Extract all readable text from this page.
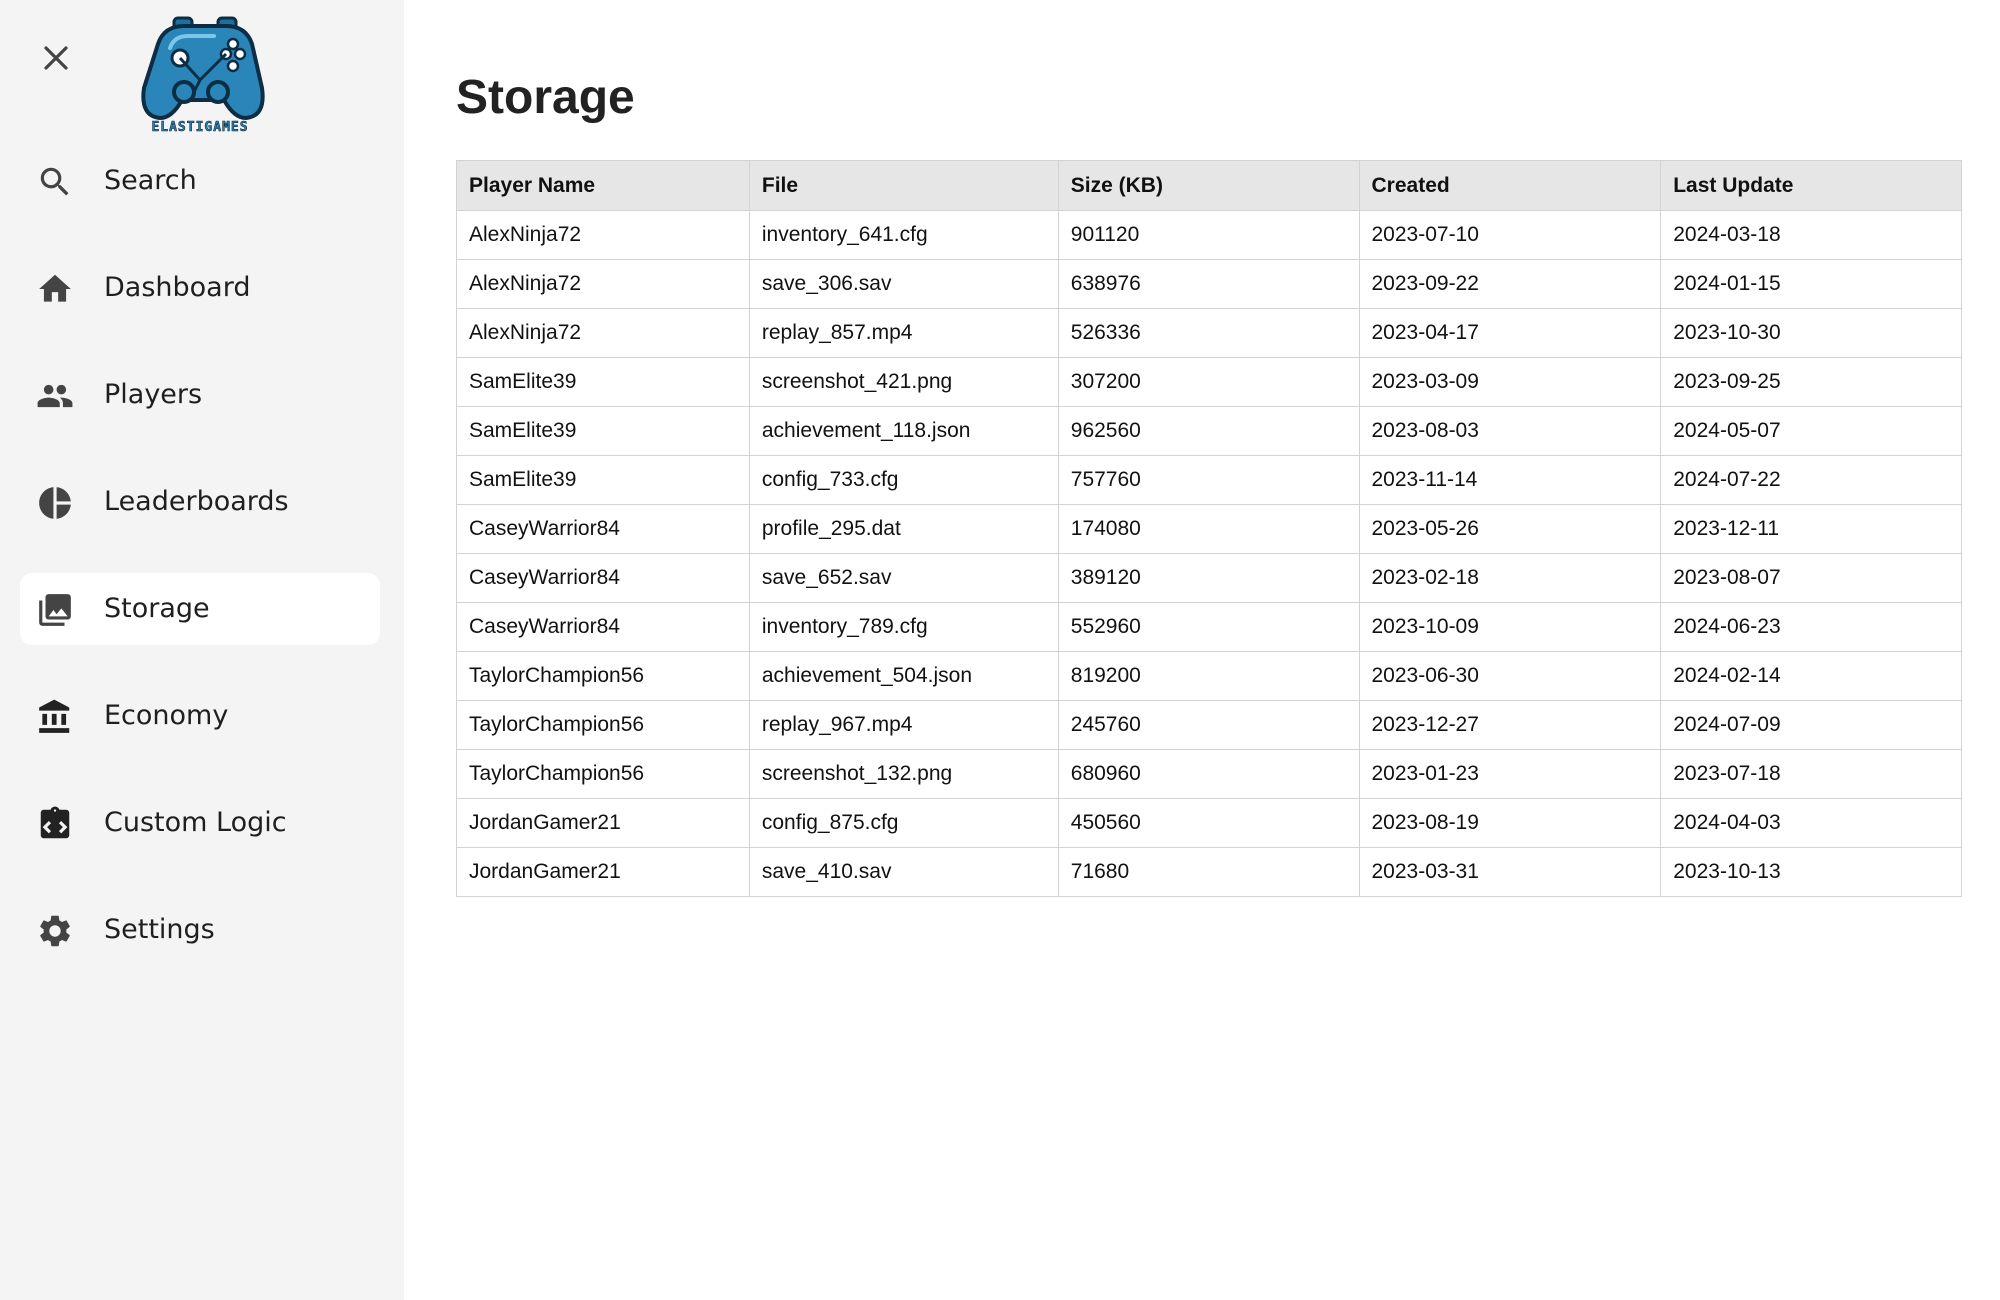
ELASTIGAMES
Search
Dashboard
Players
Leaderboards
Storage
Economy
Custom Logic
Settings
Storage
Player Name	File	Size (KB)	Created	Last Update
AlexNinja72	inventory_641.cfg	901120	2023-07-10	2024-03-18
AlexNinja72	save_306.sav	638976	2023-09-22	2024-01-15
AlexNinja72	replay_857.mp4	526336	2023-04-17	2023-10-30
SamElite39	screenshot_421.png	307200	2023-03-09	2023-09-25
SamElite39	achievement_118.json	962560	2023-08-03	2024-05-07
SamElite39	config_733.cfg	757760	2023-11-14	2024-07-22
CaseyWarrior84	profile_295.dat	174080	2023-05-26	2023-12-11
CaseyWarrior84	save_652.sav	389120	2023-02-18	2023-08-07
CaseyWarrior84	inventory_789.cfg	552960	2023-10-09	2024-06-23
TaylorChampion56	achievement_504.json	819200	2023-06-30	2024-02-14
TaylorChampion56	replay_967.mp4	245760	2023-12-27	2024-07-09
TaylorChampion56	screenshot_132.png	680960	2023-01-23	2023-07-18
JordanGamer21	config_875.cfg	450560	2023-08-19	2024-04-03
JordanGamer21	save_410.sav	71680	2023-03-31	2023-10-13
